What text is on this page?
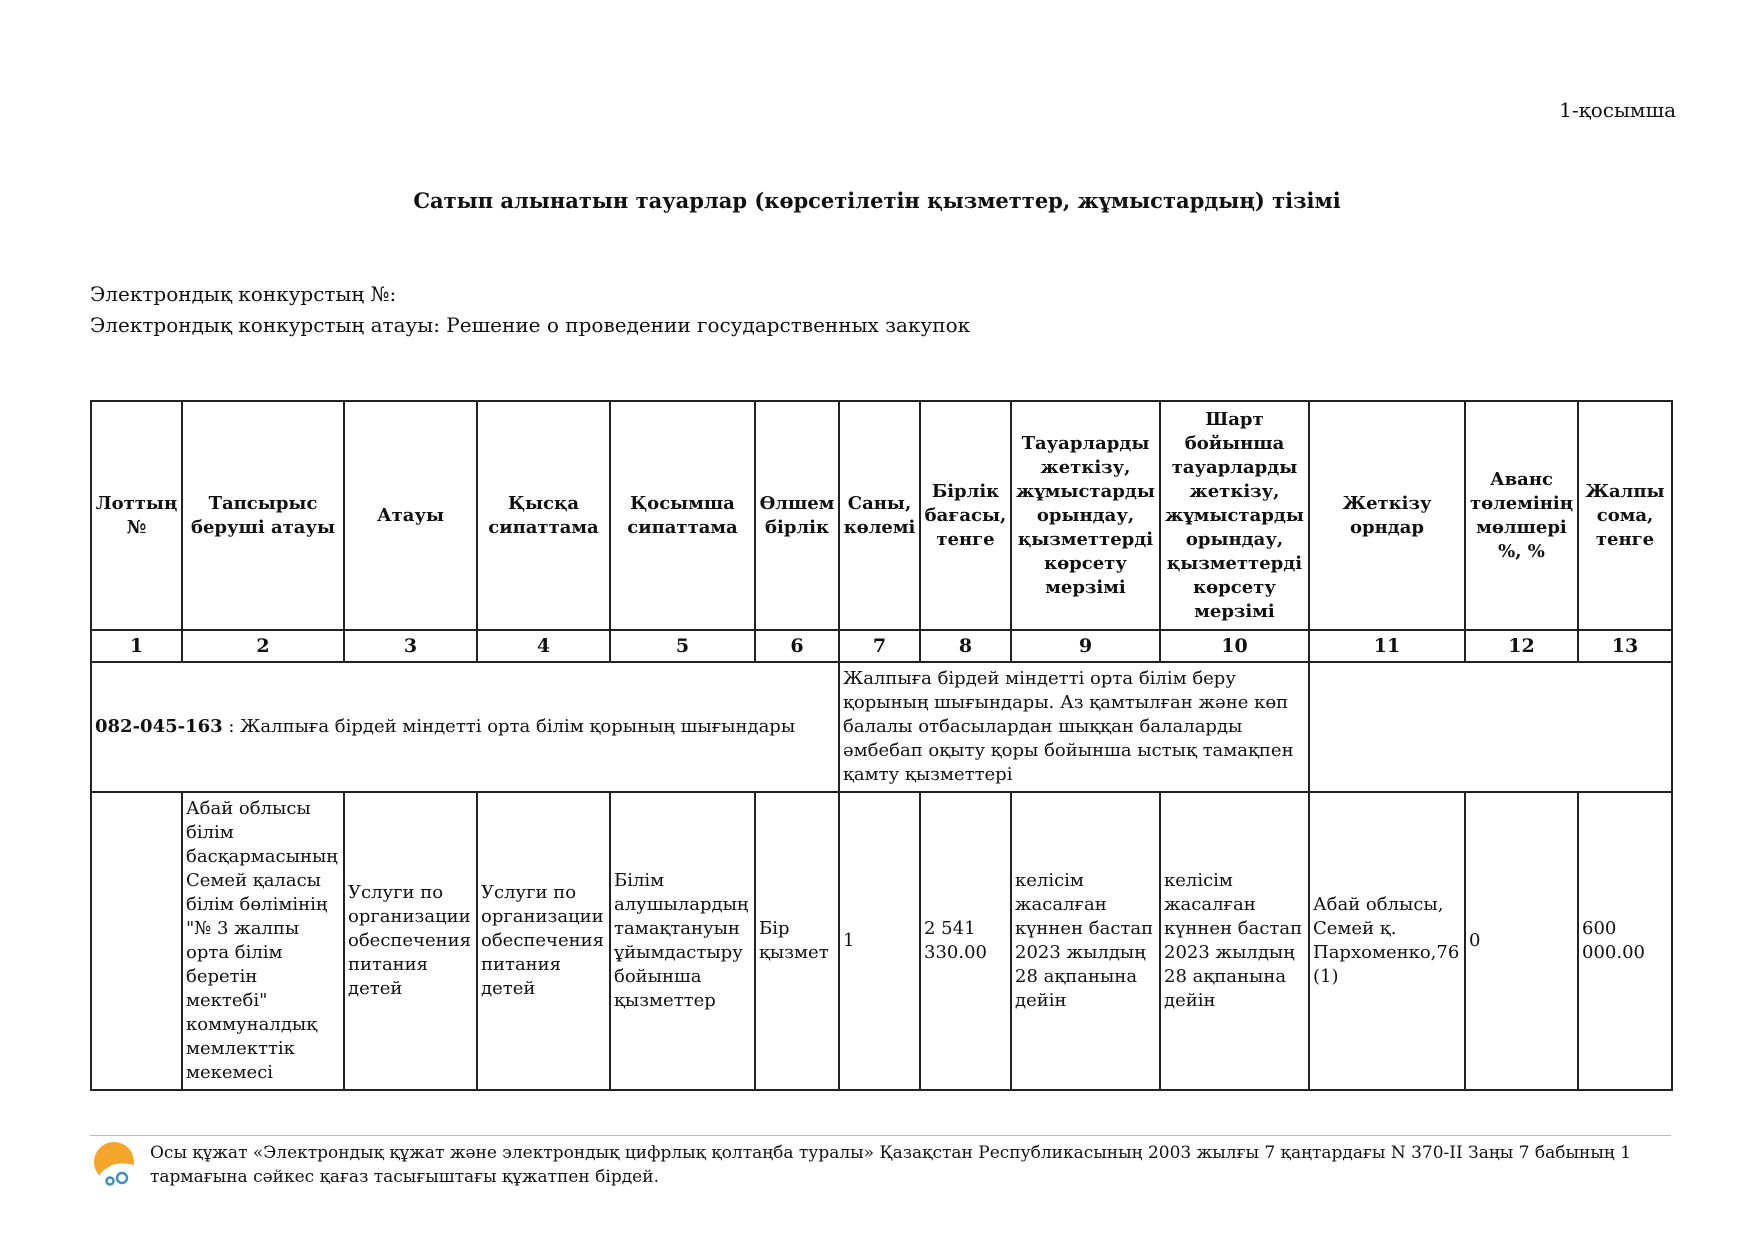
1-қосымша
Сатып алынатын тауарлар (көрсетілетін қызметтер, жұмыстардың) тізімі
Электрондық конкурстың №:
Электрондық конкурстың атауы: Решение о проведении государственных закупок
Лоттың №	Тапсырыс беруші атауы	Атауы	Қысқа сипаттама	Қосымша сипаттама	Өлшем бірлік	Саны, көлемі	Бірлік бағасы, тенге	Тауарларды жеткізу, жұмыстарды орындау, қызметтерді көрсету мерзімі	Шарт бойынша тауарларды жеткізу, жұмыстарды орындау, қызметтерді көрсету мерзімі	Жеткізу орндар	Аванс төлемінің мөлшері %, %	Жалпы сома, тенге
1	2	3	4	5	6	7	8	9	10	11	12	13
082-045-163 : Жалпыға бірдей міндетті орта білім қорының шығындары						Жалпыға бірдей міндетті орта білім беру қорының шығындары. Аз қамтылған және көп балалы отбасылардан шыққан балаларды әмбебап оқыту қоры бойынша ыстық тамақпен қамту қызметтері						
	Абай облысы білім басқармасының Семей қаласы білім бөлімінің "№ 3 жалпы орта білім беретін мектебі" коммуналдық мемлекттік мекемесі	Услуги по организации обеспечения питания детей	Услуги по организации обеспечения питания детей	Білім алушылардың тамақтануын ұйымдастыру бойынша қызметтер	Бір қызмет	1	2 541 330.00	келісім жасалған күннен бастап 2023 жылдың 28 ақпанына дейін	келісім жасалған күннен бастап 2023 жылдың 28 ақпанына дейін	Абай облысы, Семей қ. Пархоменко,76 (1)	0	600 000.00
Осы құжат «Электрондық құжат және электрондық цифрлық қолтаңба туралы» Қазақстан Республикасының 2003 жылғы 7 қаңтардағы N 370-II Заңы 7 бабының 1 тармағына сәйкес қағаз тасығыштағы құжатпен бірдей.
